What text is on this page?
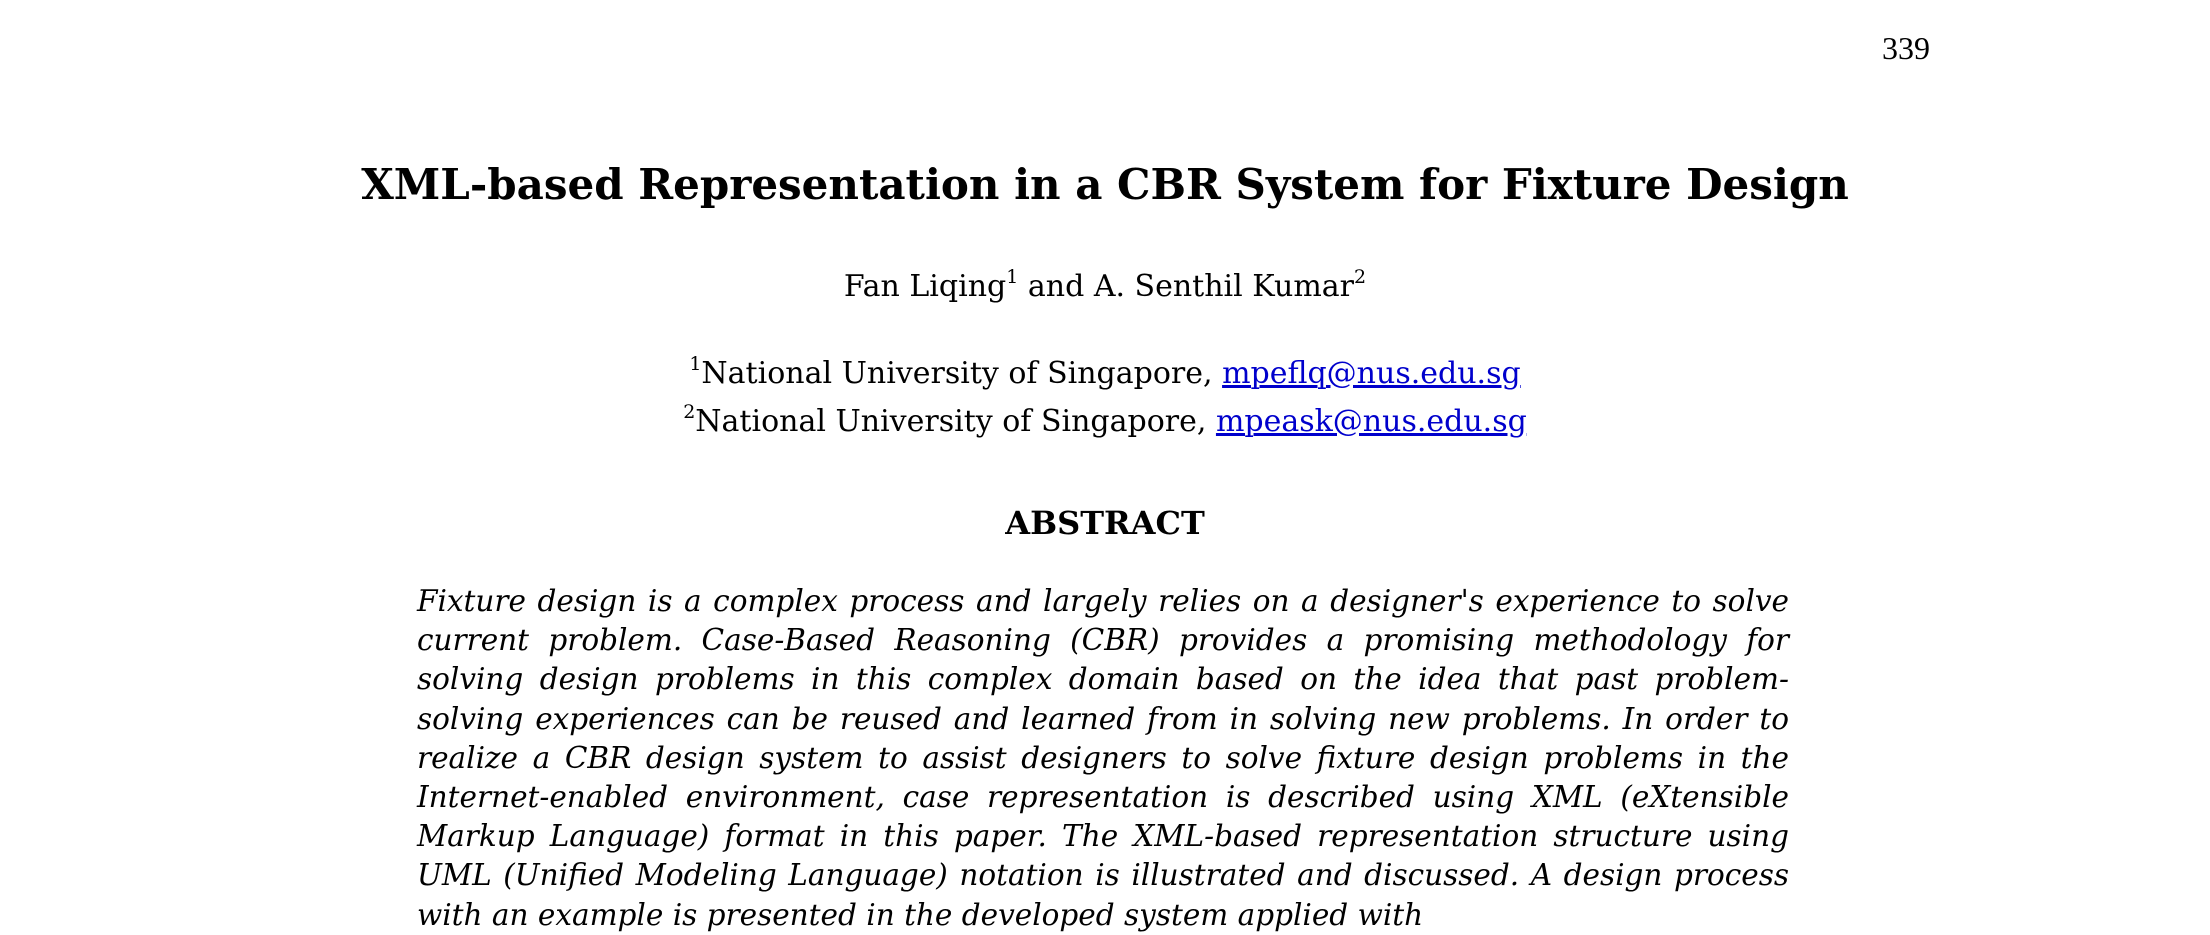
339
XML-based Representation in a CBR System for Fixture Design
Fan Liqing$^1$ and A. Senthil Kumar$^2$
$^1$National University of Singapore, mpeflq@nus.edu.sg
$^2$National University of Singapore, mpeask@nus.edu.sg
ABSTRACT

Fixture design is a complex process and largely relies on a designer's experience to solve current problem. Case-Based Reasoning (CBR) provides a promising methodology for solving design problems in this complex domain based on the idea that past problem-solving experiences can be reused and learned from in solving new problems. In order to realize a CBR design system to assist designers to solve fixture design problems in the Internet-enabled environment, case representation is described using XML (eXtensible Markup Language) format in this paper. The XML-based representation structure using UML (Unified Modeling Language) notation is illustrated and discussed. A design process with an example is presented in the developed system applied with
